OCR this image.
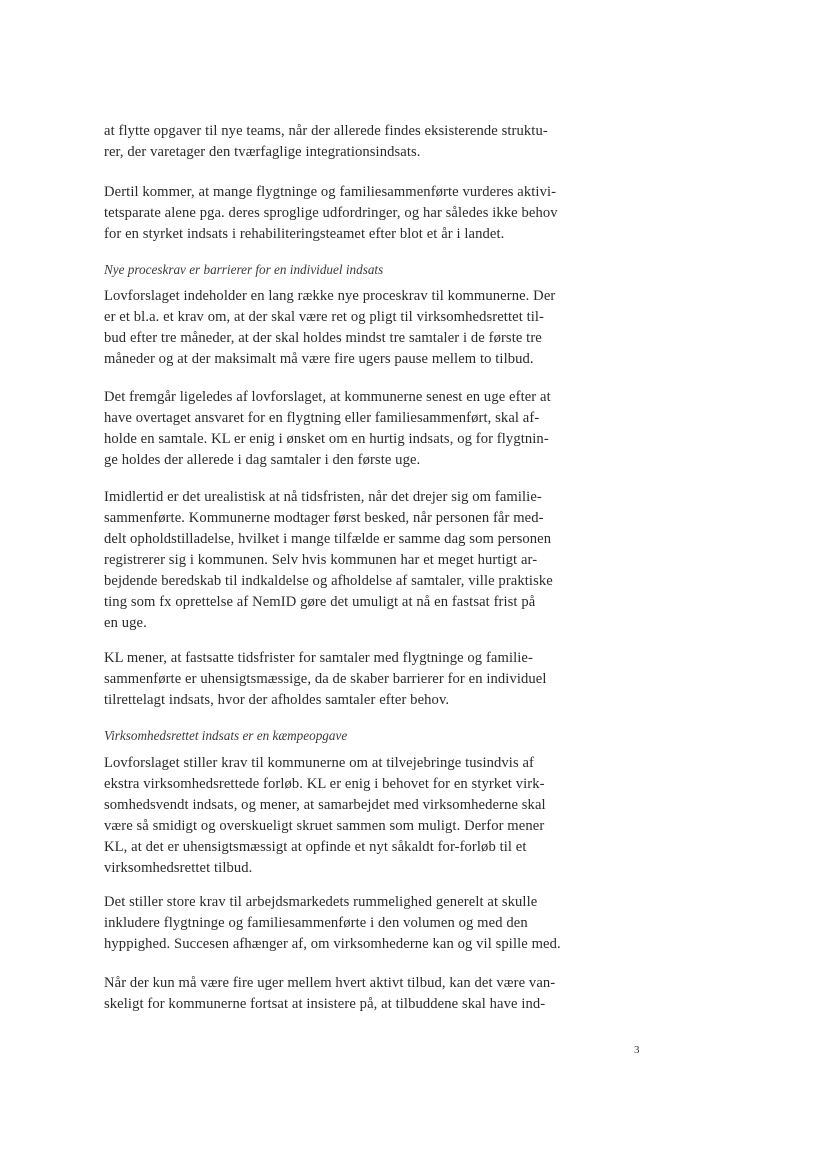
at flytte opgaver til nye teams, når der allerede findes eksisterende struktu-
rer, der varetager den tværfaglige integrationsindsats.
Dertil kommer, at mange flygtninge og familiesammenførte vurderes aktivi-
tetsparate alene pga. deres sproglige udfordringer, og har således ikke behov
for en styrket indsats i rehabiliteringsteamet efter blot et år i landet.
Nye proceskrav er barrierer for en individuel indsats
Lovforslaget indeholder en lang række nye proceskrav til kommunerne. Der
er et bl.a. et krav om, at der skal være ret og pligt til virksomhedsrettet til-
bud efter tre måneder, at der skal holdes mindst tre samtaler i de første tre
måneder og at der maksimalt må være fire ugers pause mellem to tilbud.
Det fremgår ligeledes af lovforslaget, at kommunerne senest en uge efter at
have overtaget ansvaret for en flygtning eller familiesammenført, skal af-
holde en samtale. KL er enig i ønsket om en hurtig indsats, og for flygtnin-
ge holdes der allerede i dag samtaler i den første uge.
Imidlertid er det urealistisk at nå tidsfristen, når det drejer sig om familie-
sammenførte. Kommunerne modtager først besked, når personen får med-
delt opholdstilladelse, hvilket i mange tilfælde er samme dag som personen
registrerer sig i kommunen. Selv hvis kommunen har et meget hurtigt ar-
bejdende beredskab til indkaldelse og afholdelse af samtaler, ville praktiske
ting som fx oprettelse af NemID gøre det umuligt at nå en fastsat frist på
en uge.
KL mener, at fastsatte tidsfrister for samtaler med flygtninge og familie-
sammenførte er uhensigtsmæssige, da de skaber barrierer for en individuel
tilrettelagt indsats, hvor der afholdes samtaler efter behov.
Virksomhedsrettet indsats er en kæmpeopgave
Lovforslaget stiller krav til kommunerne om at tilvejebringe tusindvis af
ekstra virksomhedsrettede forløb. KL er enig i behovet for en styrket virk-
somhedsvendt indsats, og mener, at samarbejdet med virksomhederne skal
være så smidigt og overskueligt skruet sammen som muligt. Derfor mener
KL, at det er uhensigtsmæssigt at opfinde et nyt såkaldt for-forløb til et
virksomhedsrettet tilbud.
Det stiller store krav til arbejdsmarkedets rummelighed generelt at skulle
inkludere flygtninge og familiesammenførte i den volumen og med den
hyppighed. Succesen afhænger af, om virksomhederne kan og vil spille med.
Når der kun må være fire uger mellem hvert aktivt tilbud, kan det være van-
skeligt for kommunerne fortsat at insistere på, at tilbuddene skal have ind-
3
